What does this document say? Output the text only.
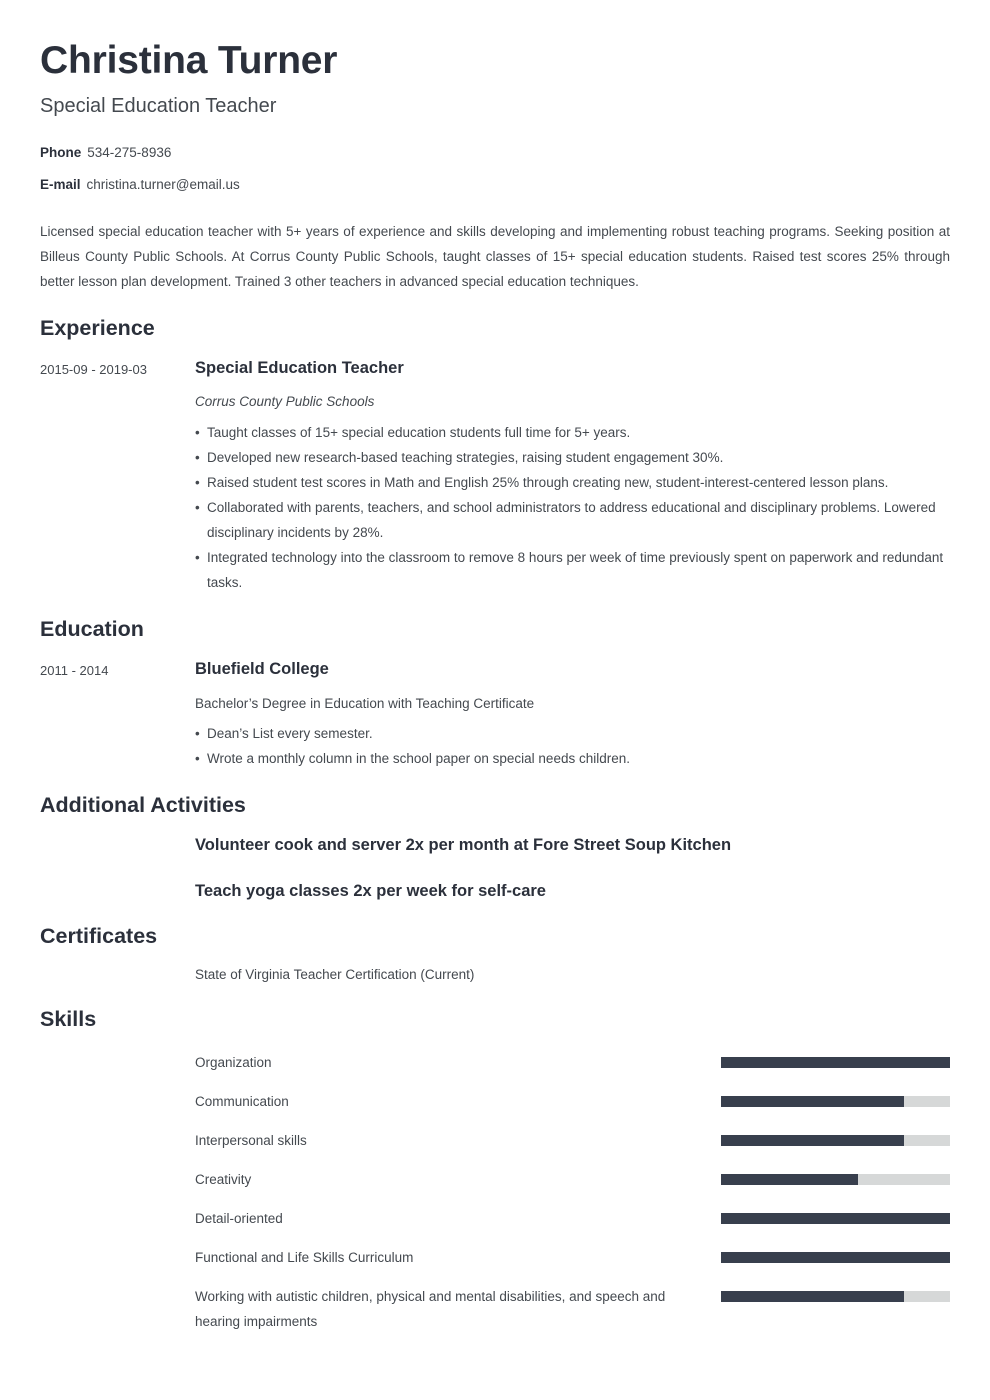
Christina Turner
Special Education Teacher
Phone 534-275-8936
E-mail christina.turner@email.us
Licensed special education teacher with 5+ years of experience and skills developing and implementing robust teaching programs. Seeking position at Billeus County Public Schools. At Corrus County Public Schools, taught classes of 15+ special education students. Raised test scores 25% through better lesson plan development. Trained 3 other teachers in advanced special education techniques.
Experience
2015-09 - 2019-03	Special Education Teacher
Corrus County Public Schools
• Taught classes of 15+ special education students full time for 5+ years.
• Developed new research-based teaching strategies, raising student engagement 30%.
• Raised student test scores in Math and English 25% through creating new, student-interest-centered lesson plans.
• Collaborated with parents, teachers, and school administrators to address educational and disciplinary problems. Lowered disciplinary incidents by 28%.
• Integrated technology into the classroom to remove 8 hours per week of time previously spent on paperwork and redundant tasks.
Education
2011 - 2014	Bluefield College
Bachelor’s Degree in Education with Teaching Certificate
• Dean’s List every semester.
• Wrote a monthly column in the school paper on special needs children.
Additional Activities
Volunteer cook and server 2x per month at Fore Street Soup Kitchen
Teach yoga classes 2x per week for self-care
Certificates
State of Virginia Teacher Certification (Current)
Skills
Organization
Communication
Interpersonal skills
Creativity
Detail-oriented
Functional and Life Skills Curriculum
Working with autistic children, physical and mental disabilities, and speech and hearing impairments
